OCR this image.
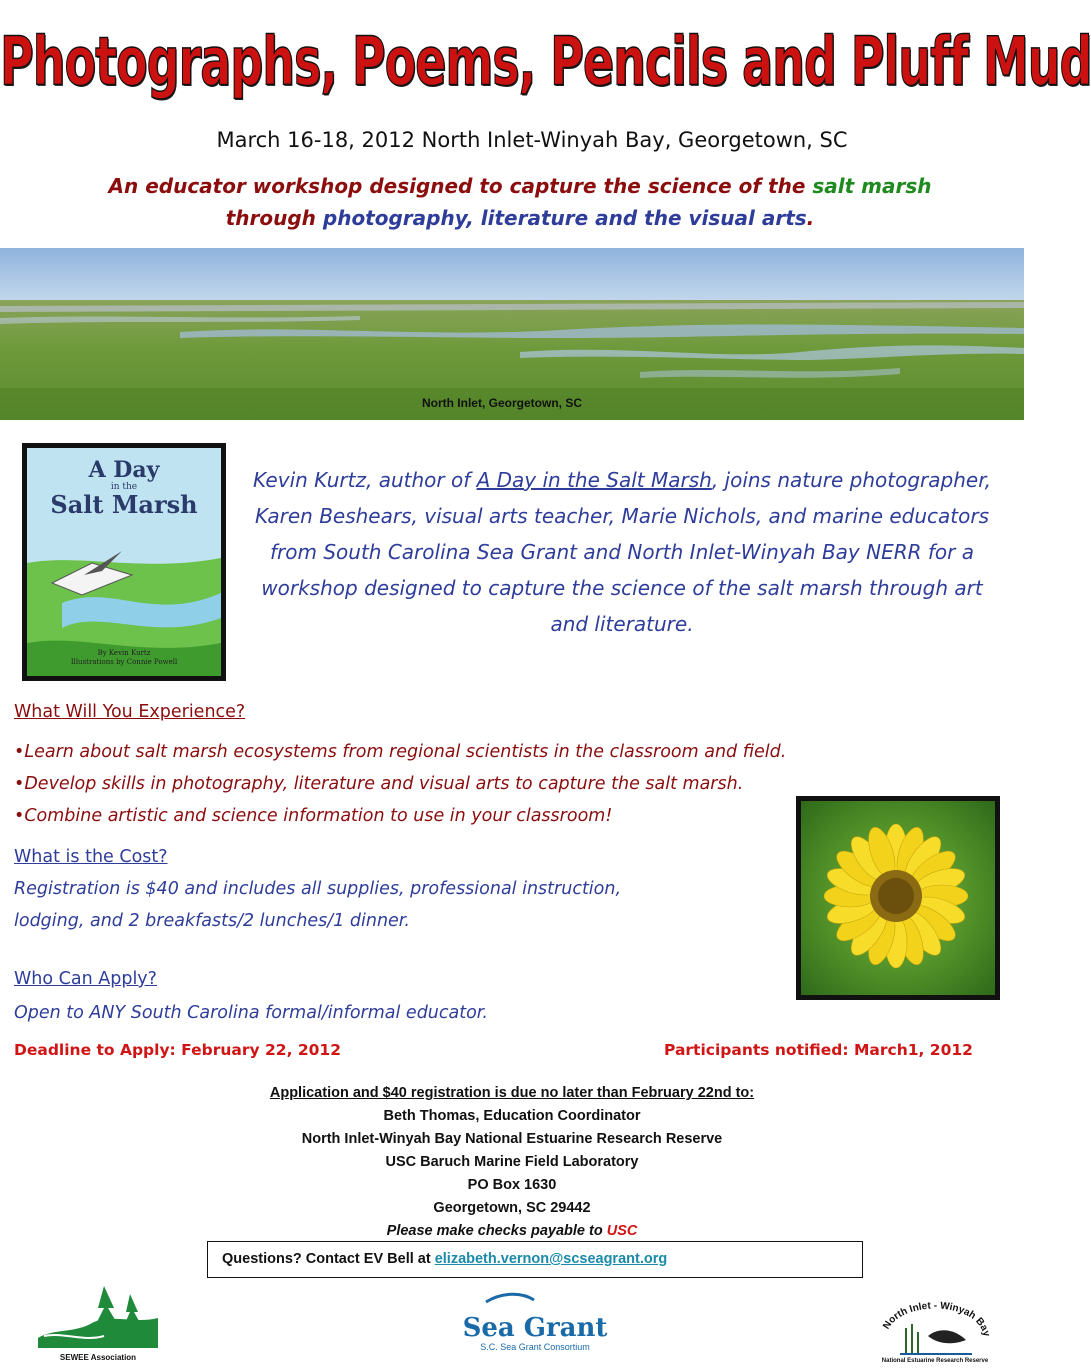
Photographs, Poems, Pencils and Pluff Mud
March 16-18, 2012 North Inlet-Winyah Bay, Georgetown, SC
An educator workshop designed to capture the science of the salt marsh
through photography, literature and the visual arts.
North Inlet, Georgetown, SC
A Day
in the
Salt Marsh
By Kevin Kurtz
Illustrations by Connie Powell
Kevin Kurtz, author of A Day in the Salt Marsh, joins nature photographer, Karen Beshears, visual arts teacher, Marie Nichols, and marine educators from South Carolina Sea Grant and North Inlet-Winyah Bay NERR for a workshop designed to capture the science of the salt marsh through art and literature.
What Will You Experience?
•Learn about salt marsh ecosystems from regional scientists in the classroom and field.
•Develop skills in photography, literature and visual arts to capture the salt marsh.
•Combine artistic and science information to use in your classroom!
What is the Cost?
Registration is $40 and includes all supplies, professional instruction,
lodging, and 2 breakfasts/2 lunches/1 dinner.
Who Can Apply?
Open to ANY South Carolina formal/informal educator.
Deadline to Apply: February 22, 2012	Participants notified: March1, 2012
Application and $40 registration is due no later than February 22nd to:
Beth Thomas, Education Coordinator
North Inlet-Winyah Bay National Estuarine Research Reserve
USC Baruch Marine Field Laboratory
PO Box 1630
Georgetown, SC 29442
Please make checks payable to USC
Questions? Contact EV Bell at elizabeth.vernon@scseagrant.org
SEWEE Association
Sea Grant
S.C. Sea Grant Consortium
North Inlet - Winyah Bay
National Estuarine Research Reserve
